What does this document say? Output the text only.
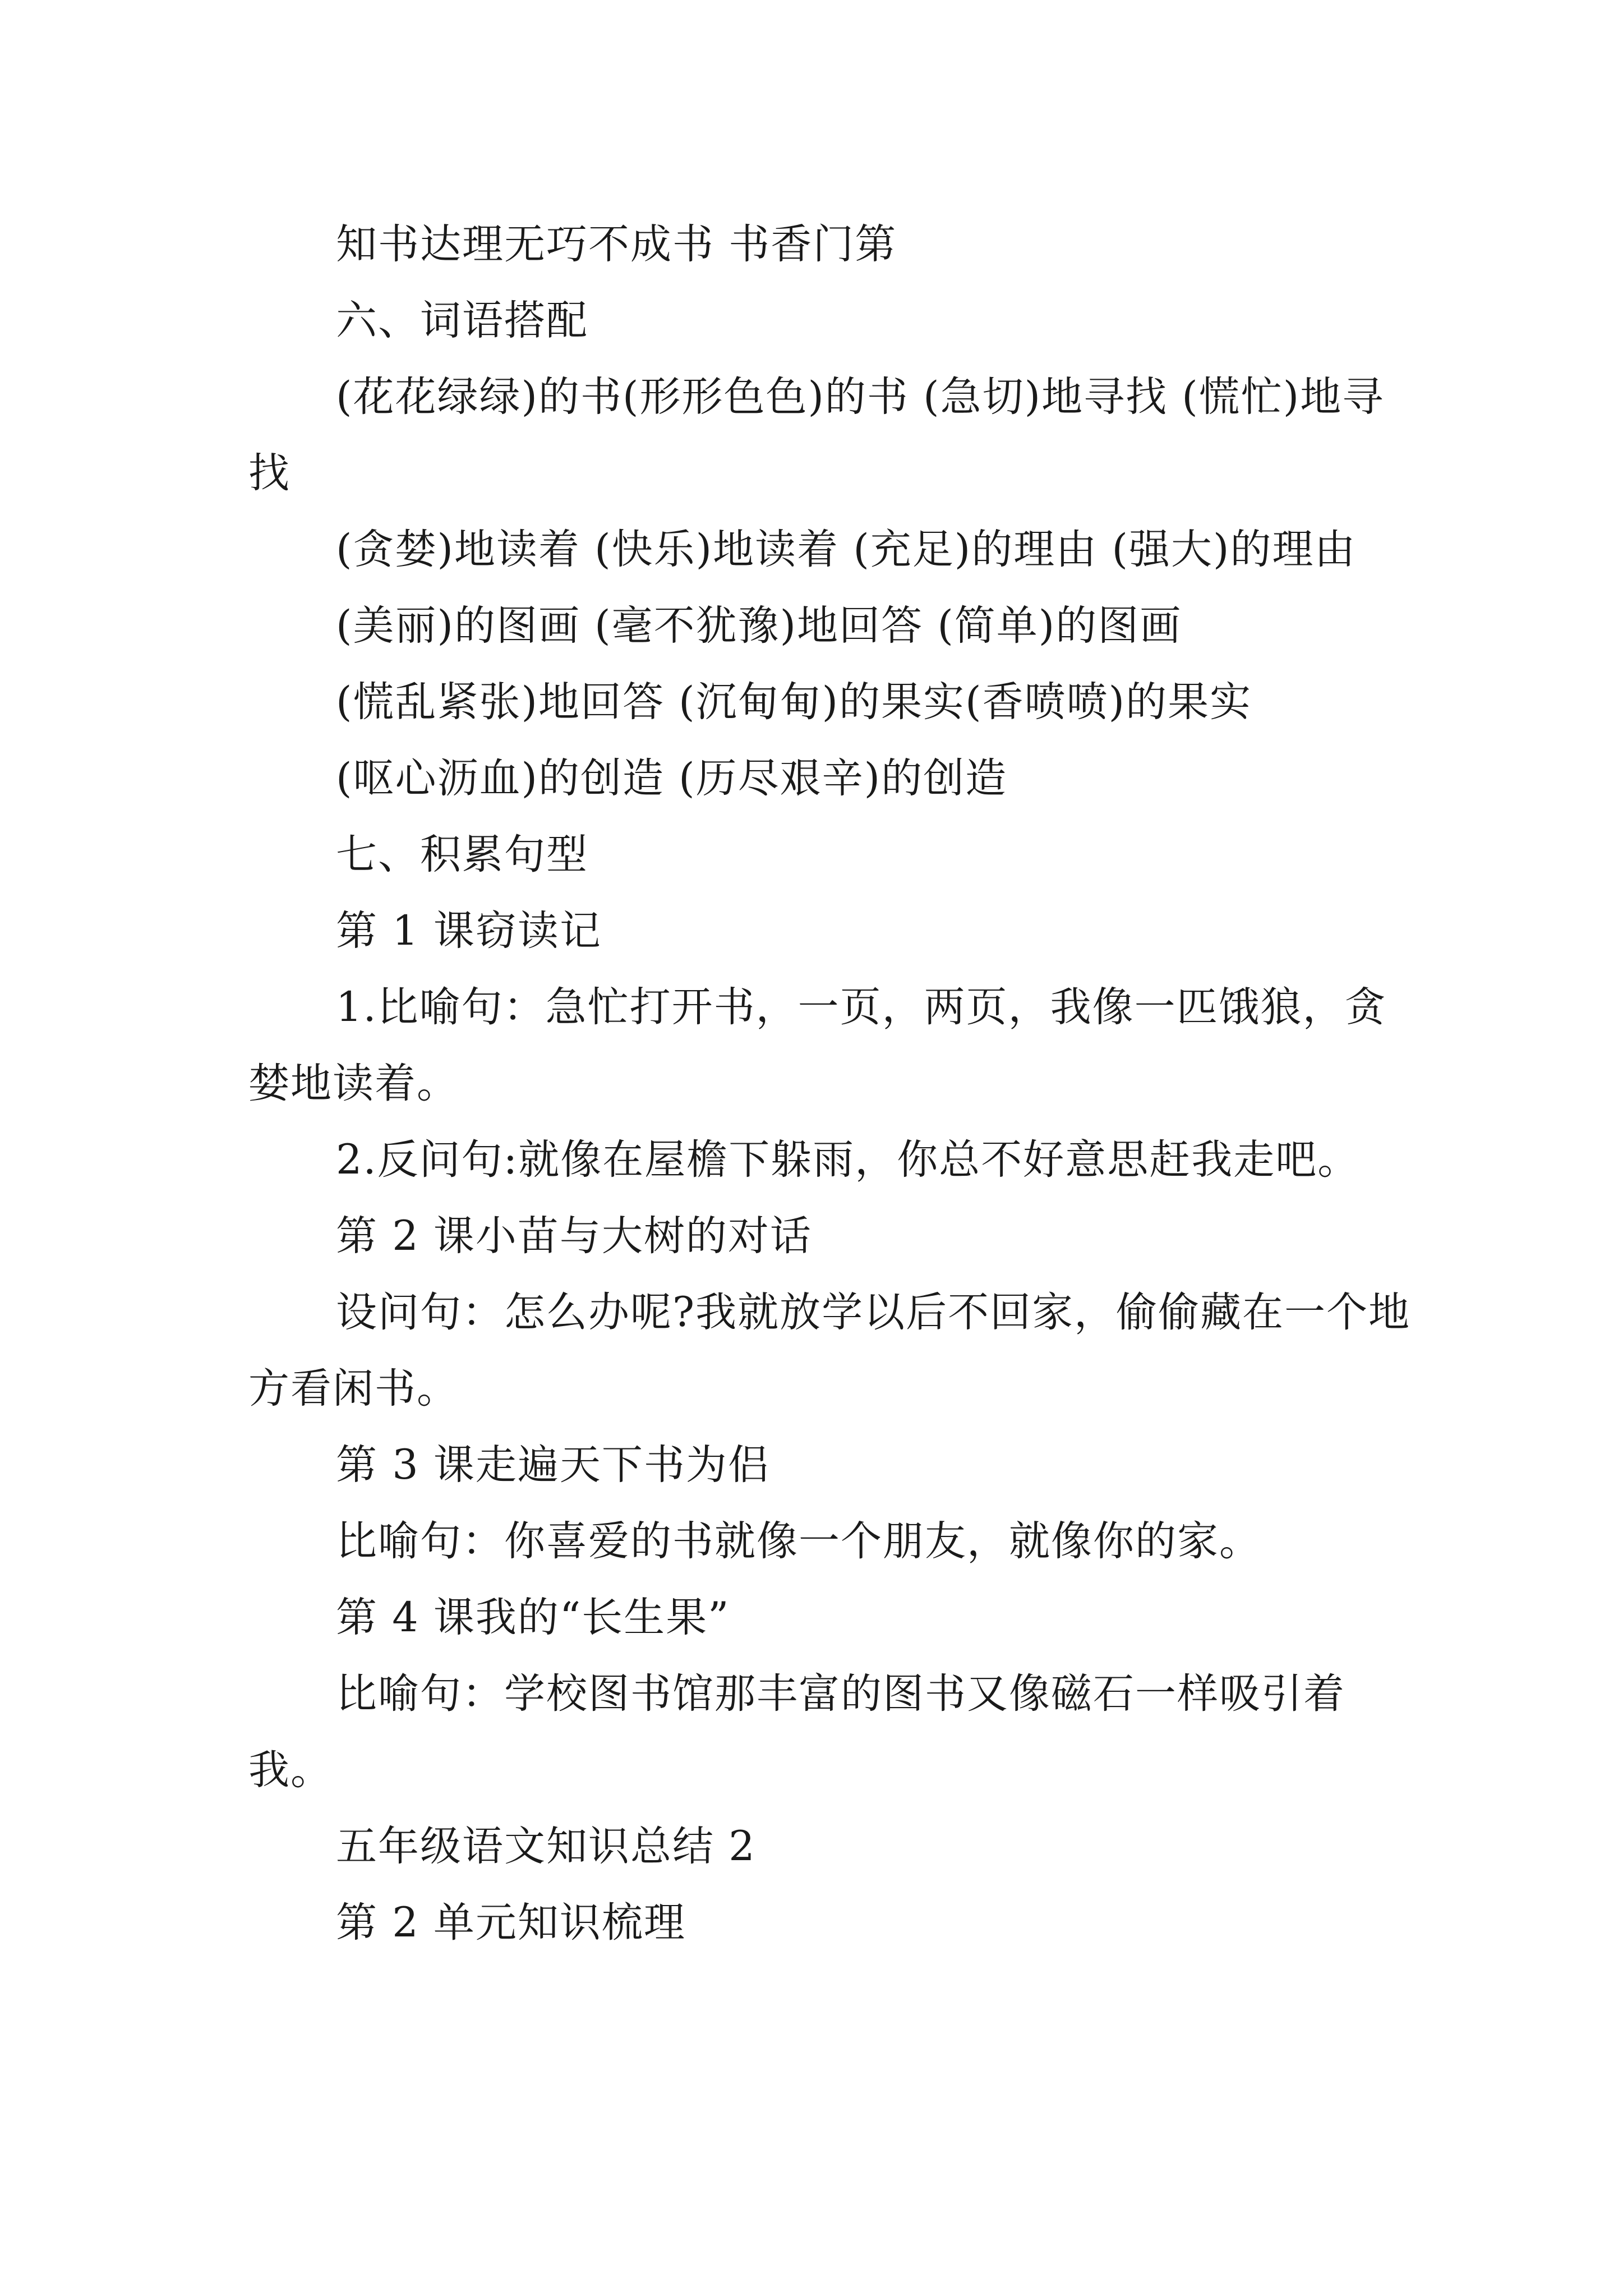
知书达理无巧不成书 书香门第

六、词语搭配

(花花绿绿)的书(形形色色)的书 (急切)地寻找 (慌忙)地寻找

(贪婪)地读着 (快乐)地读着 (充足)的理由 (强大)的理由

(美丽)的图画 (毫不犹豫)地回答 (简单)的图画

(慌乱紧张)地回答 (沉甸甸)的果实(香喷喷)的果实

(呕心沥血)的创造 (历尽艰辛)的创造

七、积累句型

第 1 课窃读记

1.比喻句：急忙打开书，一页，两页，我像一匹饿狼，贪婪地读着。

2.反问句:就像在屋檐下躲雨，你总不好意思赶我走吧。

第 2 课小苗与大树的对话

设问句：怎么办呢?我就放学以后不回家，偷偷藏在一个地方看闲书。

第 3 课走遍天下书为侣

比喻句：你喜爱的书就像一个朋友，就像你的家。

第 4 课我的“长生果”

比喻句：学校图书馆那丰富的图书又像磁石一样吸引着我。

五年级语文知识总结 2

第 2 单元知识梳理
